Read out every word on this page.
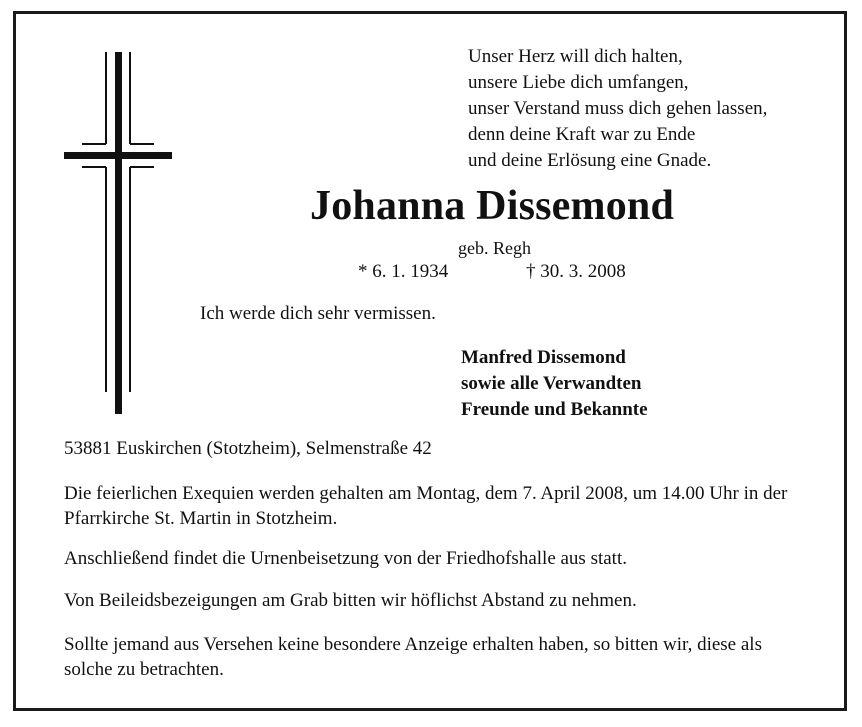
Unser Herz will dich halten,
unsere Liebe dich umfangen,
unser Verstand muss dich gehen lassen,
denn deine Kraft war zu Ende
und deine Erlösung eine Gnade.
Johanna Dissemond
geb. Regh
* 6. 1. 1934	† 30. 3. 2008
Ich werde dich sehr vermissen.
Manfred Dissemond
sowie alle Verwandten
Freunde und Bekannte
53881 Euskirchen (Stotzheim), Selmenstraße 42

Die feierlichen Exequien werden gehalten am Montag, dem 7. April 2008, um 14.00 Uhr in der Pfarrkirche St. Martin in Stotzheim.

Anschließend findet die Urnenbeisetzung von der Friedhofshalle aus statt.

Von Beileidsbezeigungen am Grab bitten wir höflichst Abstand zu nehmen.

Sollte jemand aus Versehen keine besondere Anzeige erhalten haben, so bitten wir, diese als solche zu betrachten.
